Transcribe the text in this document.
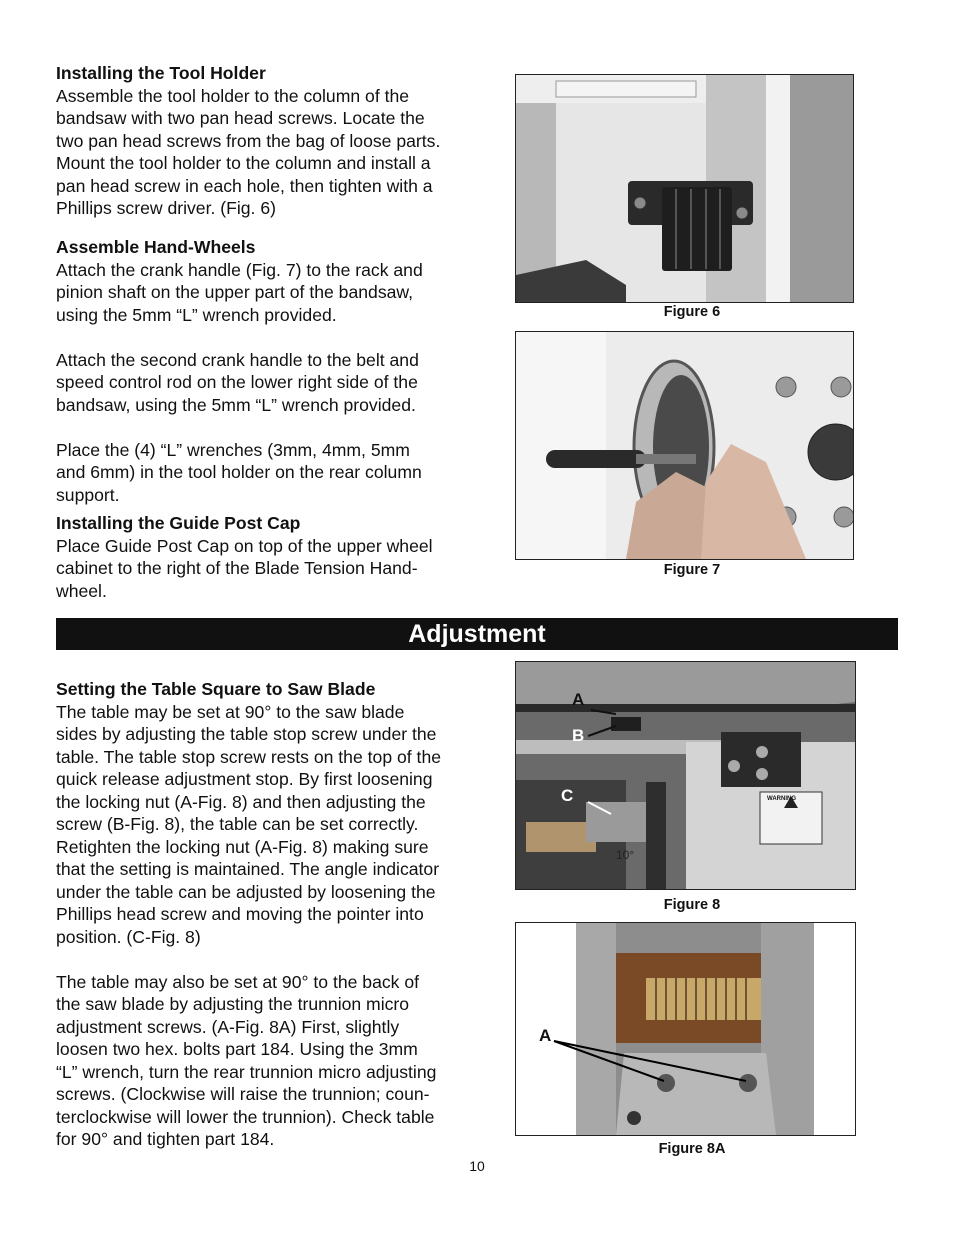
Installing the Tool Holder

Assemble the tool holder to the column of the

bandsaw with two pan head screws. Locate the

two pan head screws from the bag of loose parts.

Mount the tool holder to the column and install a

pan head screw in each hole, then tighten with a

Phillips screw driver. (Fig. 6)

Assemble Hand-Wheels

Attach the crank handle (Fig. 7) to the rack and

pinion shaft on the upper part of the bandsaw,

using the 5mm “L” wrench provided.

Attach the second crank handle to the belt and

speed control rod on the lower right side of the

bandsaw, using the 5mm “L” wrench provided.

Place the (4) “L” wrenches (3mm, 4mm, 5mm

and 6mm) in the tool holder on the rear column

support.

Installing the Guide Post Cap

Place Guide Post Cap on top of the upper wheel

cabinet to the right of the Blade Tension Hand-

wheel.

Adjustment

Setting the Table Square to Saw Blade

The table may be set at 90° to the saw blade

sides by adjusting the table stop screw under the

table. The table stop screw rests on the top of the

quick release adjustment stop. By first loosening

the locking nut (A-Fig. 8) and then adjusting the

screw (B-Fig. 8), the table can be set correctly.

Retighten the locking nut (A-Fig. 8) making sure

that the setting is maintained. The angle indicator

under the table can be adjusted by loosening the

Phillips head screw and moving the pointer into

position. (C-Fig. 8)

The table may also be set at 90° to the back of

the saw blade by adjusting the trunnion micro

adjustment screws. (A-Fig. 8A) First, slightly

loosen two hex. bolts part 184. Using the 3mm

“L” wrench, turn the rear trunnion micro adjusting

screws. (Clockwise will raise the trunnion; coun-

terclockwise will lower the trunnion). Check table

for 90° and tighten part 184.

Figure 6
Figure 7
A
B
C	WARNING
10°
Figure 8
A
Figure 8A
10
